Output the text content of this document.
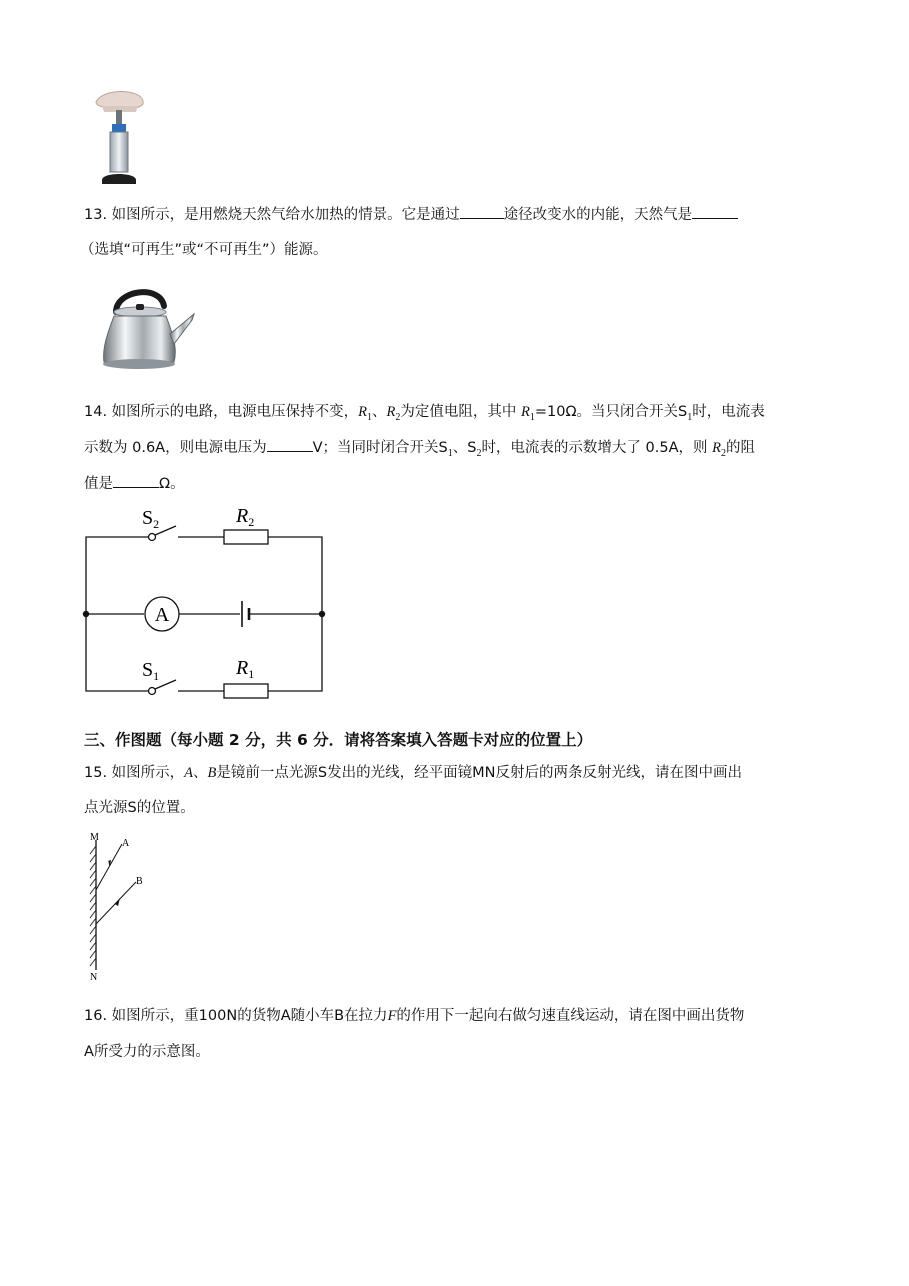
13. 如图所示，是用燃烧天然气给水加热的情景。它是通过	途径改变水的内能，天然气是
（选填“可再生”或“不可再生”）能源。
14. 如图所示的电路，电源电压保持不变，$R_1$、$R_2$为定值电阻，其中 $R_1=10\Omega$。当只闭合开关$S_1$时，电流表
示数为 0.6A，则电源电压为	V；当同时闭合开关$S_1$、$S_2$时，电流表的示数增大了 0.5A，则 $R_2$的阻
值是	Ω。
$S_2$	$R_2$
A
$S_1$	$R_1$
三、作图题（每小题 2 分，共 6 分．请将答案填入答题卡对应的位置上）
15. 如图所示，A、B是镜前一点光源S发出的光线，经平面镜MN反射后的两条反射光线，请在图中画出
点光源S的位置。
M
N
A
B
16. 如图所示，重100N的货物A随小车B在拉力F的作用下一起向右做匀速直线运动，请在图中画出货物
A所受力的示意图。
